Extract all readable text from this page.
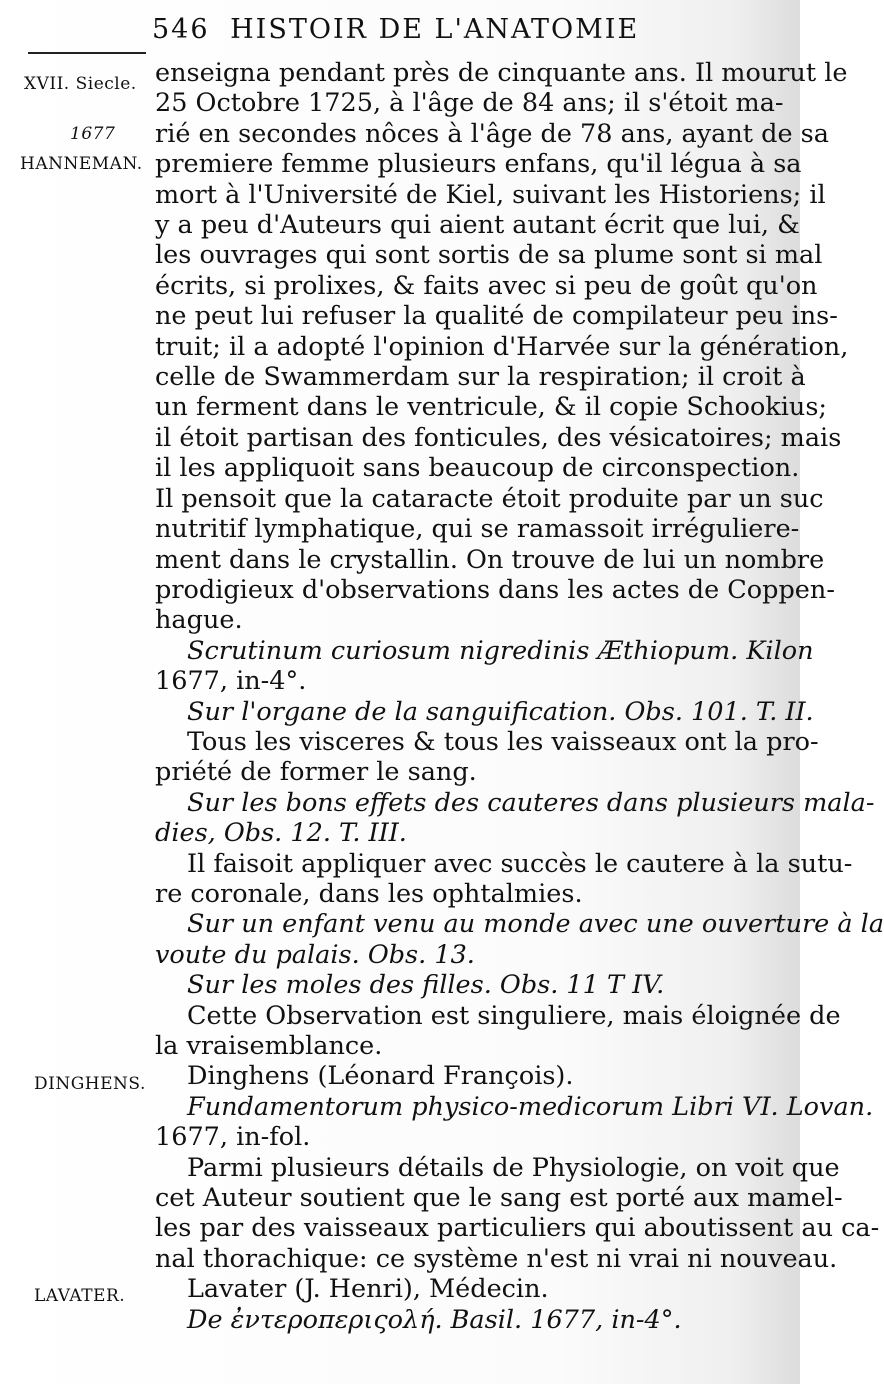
546 HISTOIR DE L'ANATOMIE
XVII. Siecle.
1677
HANNEMAN.
DINGHENS.
LAVATER.
enseigna pendant près de cinquante ans. Il mourut le
25 Octobre 1725, à l'âge de 84 ans; il s'étoit ma-
rié en secondes nôces à l'âge de 78 ans, ayant de sa
premiere femme plusieurs enfans, qu'il légua à sa
mort à l'Université de Kiel, suivant les Historiens; il
y a peu d'Auteurs qui aient autant écrit que lui, &
les ouvrages qui sont sortis de sa plume sont si mal
écrits, si prolixes, & faits avec si peu de goût qu'on
ne peut lui refuser la qualité de compilateur peu ins-
truit; il a adopté l'opinion d'Harvée sur la génération,
celle de Swammerdam sur la respiration; il croit à
un ferment dans le ventricule, & il copie Schookius;
il étoit partisan des fonticules, des vésicatoires; mais
il les appliquoit sans beaucoup de circonspection.
Il pensoit que la cataracte étoit produite par un suc
nutritif lymphatique, qui se ramassoit irréguliere-
ment dans le crystallin. On trouve de lui un nombre
prodigieux d'observations dans les actes de Coppen-
hague.
Scrutinum curiosum nigredinis Æthiopum. Kilon
1677, in-4°.
Sur l'organe de la sanguification. Obs. 101. T. II.
Tous les visceres & tous les vaisseaux ont la pro-
priété de former le sang.
Sur les bons effets des cauteres dans plusieurs mala-
dies, Obs. 12. T. III.
Il faisoit appliquer avec succès le cautere à la sutu-
re coronale, dans les ophtalmies.
Sur un enfant venu au monde avec une ouverture à la
voute du palais. Obs. 13.
Sur les moles des filles. Obs. 11 T IV.
Cette Observation est singuliere, mais éloignée de
la vraisemblance.
Dinghens (Léonard François).
Fundamentorum physico-medicorum Libri VI. Lovan.
1677, in-fol.
Parmi plusieurs détails de Physiologie, on voit que
cet Auteur soutient que le sang est porté aux mamel-
les par des vaisseaux particuliers qui aboutissent au ca-
nal thorachique: ce système n'est ni vrai ni nouveau.
Lavater (J. Henri), Médecin.
De ἐντεροπεριςολή. Basil. 1677, in-4°.
